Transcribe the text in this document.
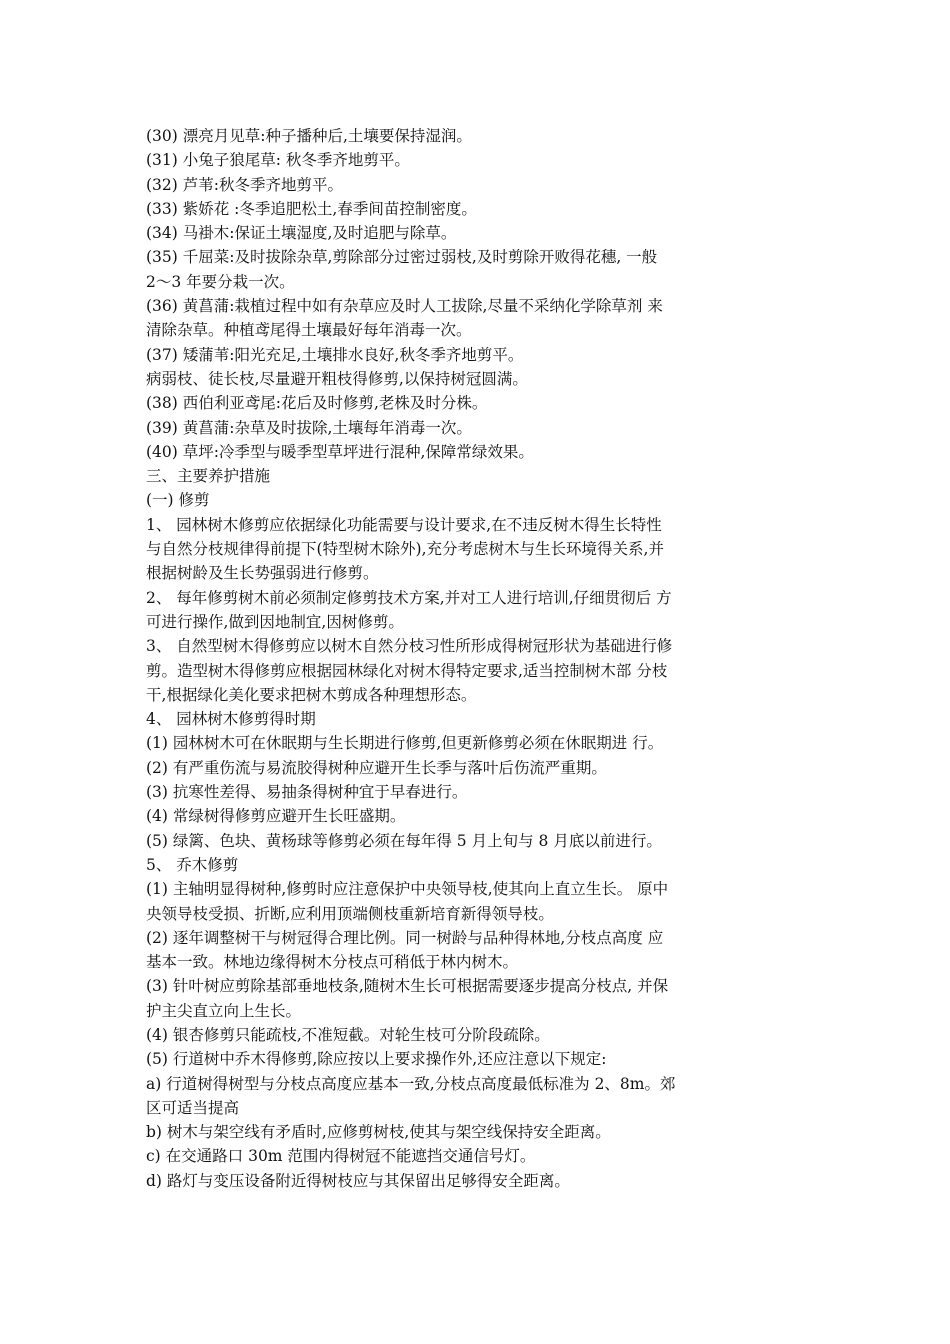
(30) 漂亮月见草:种子播种后,土壤要保持湿润。

(31) 小兔子狼尾草: 秋冬季齐地剪平。

(32) 芦苇:秋冬季齐地剪平。

(33) 紫娇花 :冬季追肥松土,春季间苗控制密度。

(34) 马褂木:保证土壤湿度,及时追肥与除草。

(35) 千屈菜:及时拔除杂草,剪除部分过密过弱枝,及时剪除开败得花穗, 一般

2～3 年要分栽一次。

(36) 黄菖蒲:栽植过程中如有杂草应及时人工拔除,尽量不采纳化学除草剂 来

清除杂草。种植鸢尾得土壤最好每年消毒一次。

(37) 矮蒲苇:阳光充足,土壤排水良好,秋冬季齐地剪平。

病弱枝、徒长枝,尽量避开粗枝得修剪,以保持树冠圆满。

(38) 西伯利亚鸢尾:花后及时修剪,老株及时分株。

(39) 黄菖蒲:杂草及时拔除,土壤每年消毒一次。

(40) 草坪:冷季型与暖季型草坪进行混种,保障常绿效果。

三、主要养护措施

(一) 修剪

1、 园林树木修剪应依据绿化功能需要与设计要求,在不违反树木得生长特性

与自然分枝规律得前提下(特型树木除外),充分考虑树木与生长环境得关系,并

根据树龄及生长势强弱进行修剪。

2、 每年修剪树木前必须制定修剪技术方案,并对工人进行培训,仔细贯彻后 方

可进行操作,做到因地制宜,因树修剪。

3、 自然型树木得修剪应以树木自然分枝习性所形成得树冠形状为基础进行修

剪。造型树木得修剪应根据园林绿化对树木得特定要求,适当控制树木部 分枝

干,根据绿化美化要求把树木剪成各种理想形态。

4、 园林树木修剪得时期

(1) 园林树木可在休眠期与生长期进行修剪,但更新修剪必须在休眠期进 行。

(2) 有严重伤流与易流胶得树种应避开生长季与落叶后伤流严重期。

(3) 抗寒性差得、易抽条得树种宜于早春进行。

(4) 常绿树得修剪应避开生长旺盛期。

(5) 绿篱、色块、黄杨球等修剪必须在每年得 5 月上旬与 8 月底以前进行。

5、 乔木修剪

(1) 主轴明显得树种,修剪时应注意保护中央领导枝,使其向上直立生长。 原中

央领导枝受损、折断,应利用顶端侧枝重新培育新得领导枝。

(2) 逐年调整树干与树冠得合理比例。同一树龄与品种得林地,分枝点高度 应

基本一致。林地边缘得树木分枝点可稍低于林内树木。

(3) 针叶树应剪除基部垂地枝条,随树木生长可根据需要逐步提高分枝点, 并保

护主尖直立向上生长。

(4) 银杏修剪只能疏枝,不准短截。对轮生枝可分阶段疏除。

(5) 行道树中乔木得修剪,除应按以上要求操作外,还应注意以下规定:

a) 行道树得树型与分枝点高度应基本一致,分枝点高度最低标准为 2、8m。郊

区可适当提高

b) 树木与架空线有矛盾时,应修剪树枝,使其与架空线保持安全距离。

c) 在交通路口 30m 范围内得树冠不能遮挡交通信号灯。

d) 路灯与变压设备附近得树枝应与其保留出足够得安全距离。
